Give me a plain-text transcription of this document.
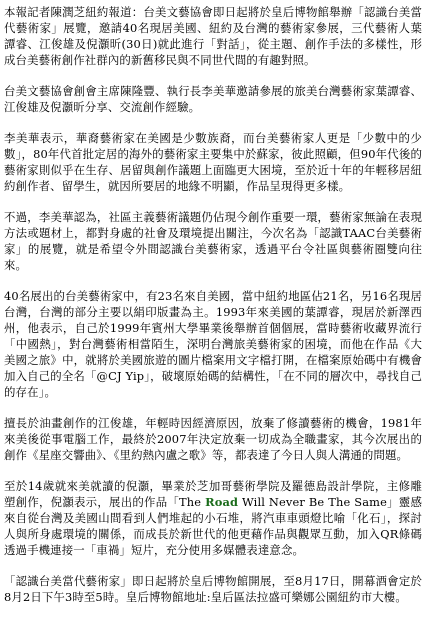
本報記者陳潤芝紐約報道：台美文藝協會即日起將於皇后博物館舉辦「認識台美當代藝術家」展覽，邀請40名現居美國、紐約及台灣的藝術家參展，三代藝術人葉譚睿、江俊雄及倪灝昕(30日)就此進行「對話」，從主題、創作手法的多樣性，形成台美藝術創作社群內的新舊移民與不同世代間的有趣對照。

台美文藝協會創會主席陳隆豐、執行長李美華邀請參展的旅美台灣藝術家葉譚睿、江俊雄及倪灝昕分享、交流創作經驗。

李美華表示，華裔藝術家在美國是少數族裔，而台美藝術家人更是「少數中的少數」，80年代首批定居的海外的藝術家主要集中於蘇家，彼此照顧，但90年代後的藝術家則似乎在生存、居留與創作議題上面臨更大困境，至於近十年的年輕移居紐約創作者、留學生，就因所要居的地緣不明顯，作品呈現得更多樣。

不過，李美華認為，社區主義藝術議題仍佔現今創作重要一環，藝術家無論在表現方法或題材上，都對身處的社會及環境提出關注，今次名為「認識TAAC台美藝術家」的展覽，就是希望令外間認識台美藝術家，透過平台令社區與藝術圈雙向往來。

40名展出的台美藝術家中，有23名來自美國，當中紐約地區佔21名，另16名現居台灣，台灣的部分主要以絹印版畫為主。1993年來美國的葉譚睿，現居於新澤西州，他表示，自己於1999年賓州大學畢業後舉辦首個個展，當時藝術收藏界流行「中國熱」，對台灣藝術相當陌生，深明台灣旅美藝術家的困境，而他在作品《大美國之旅》中，就將於美國旅遊的圖片檔案用文字檔打開，在檔案原始碼中有機會加入自己的全名「@CJ Yip」，破壞原始碼的結構性，「在不同的層次中，尋找自己的存在」。

擅長於油畫創作的江俊雄，年輕時因經濟原因，放棄了修讀藝術的機會，1981年來美後從事電腦工作，最終於2007年決定放棄一切成為全職畫家，其今次展出的創作《星座交響曲》、《里約熱內盧之歌》等，都表達了今日人與人溝通的問題。

至於14歲就來美就讀的倪灝，畢業於芝加哥藝術學院及羅德島設計學院，主修雕塑創作，倪灝表示，展出的作品「The Road Will Never Be The Same」靈感來自從台灣及美國山間看到人們堆起的小石堆，將汽車車頭燈比喻「化石」，探討人與所身處環境的關係，而成長於新世代的他更藉作品與觀眾互動，加入QR條碼透過手機連接一「車禍」短片，充分使用多媒體表達意念。

「認識台美當代藝術家」即日起將於皇后博物館開展，至8月17日，開幕酒會定於8月2日下午3時至5時。皇后博物館地址:皇后區法拉盛可樂娜公園紐約市大樓。
